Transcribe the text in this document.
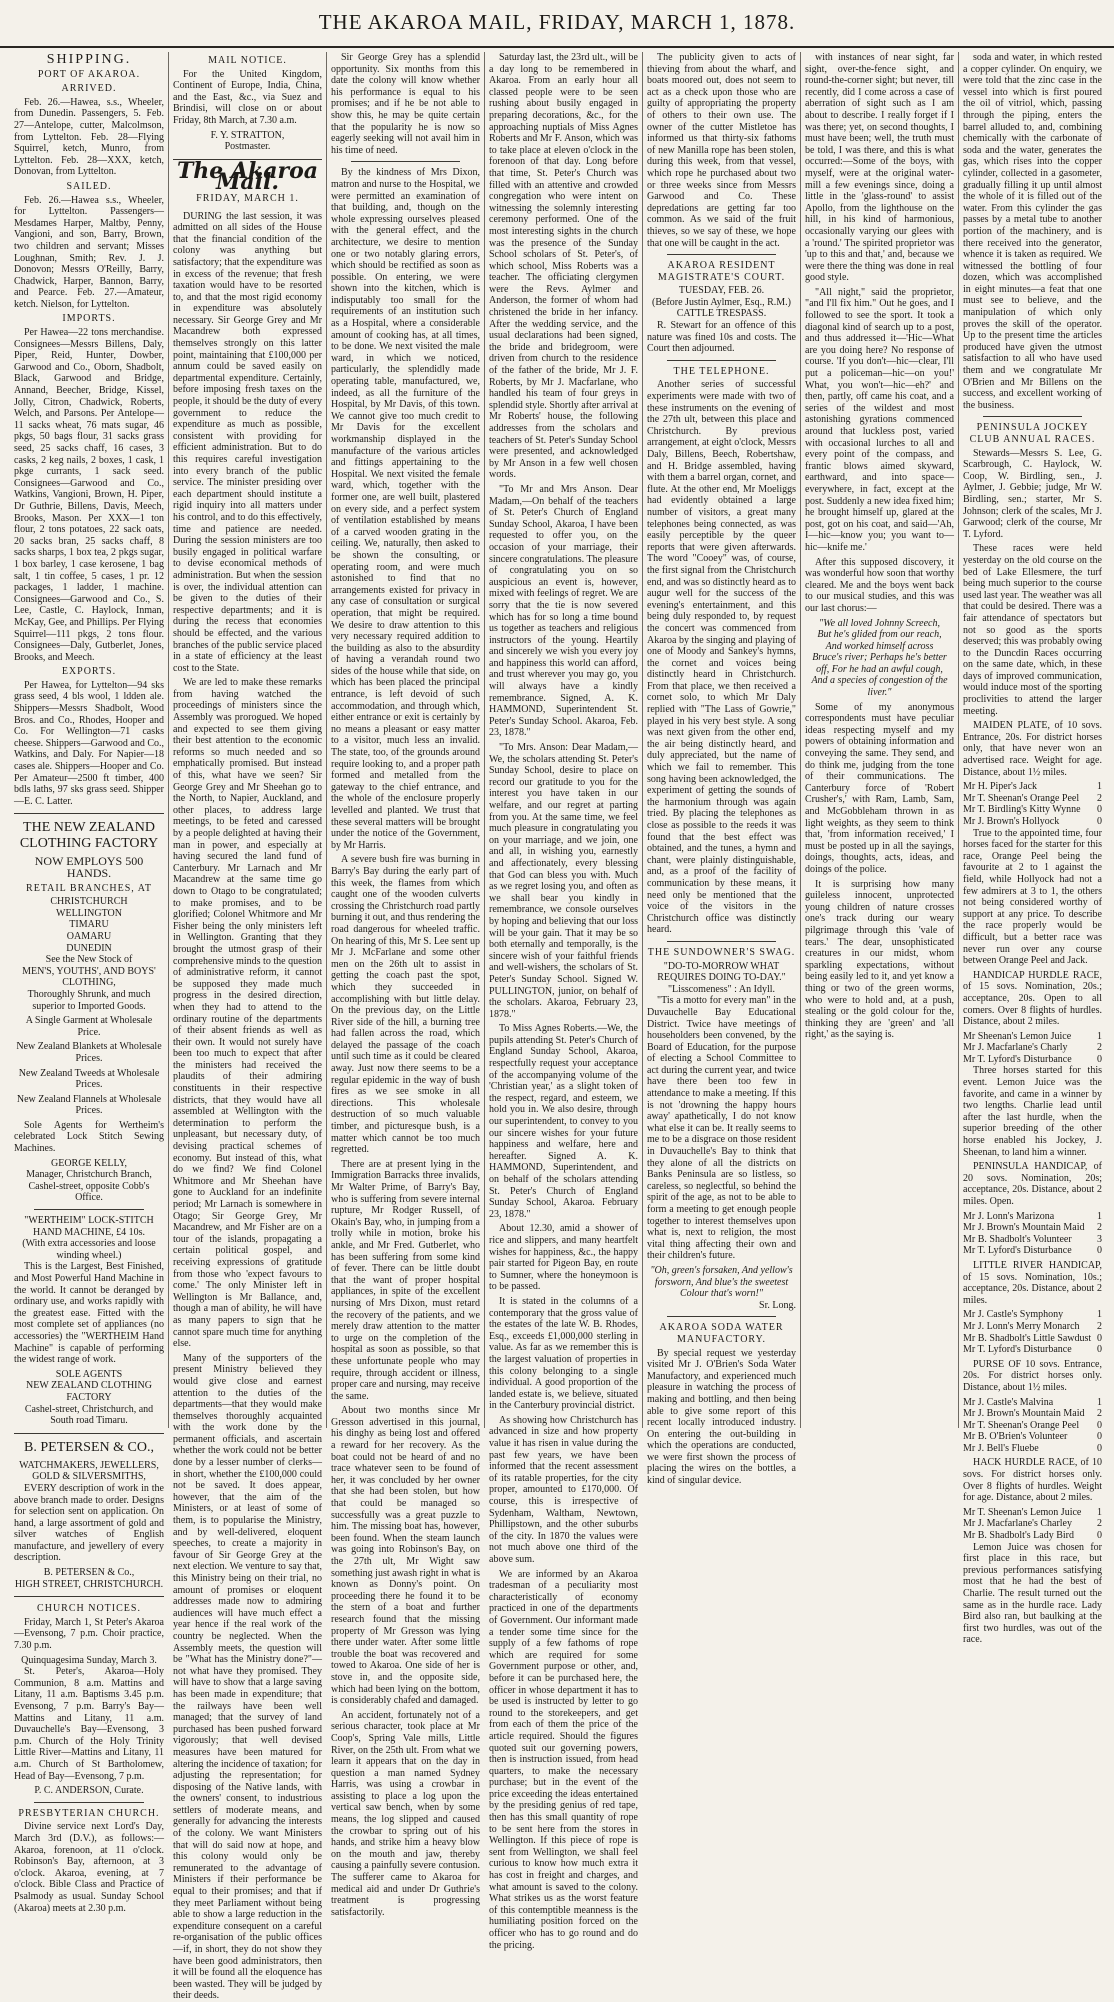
THE AKAROA MAIL, FRIDAY, MARCH 1, 1878.
SHIPPING.
PORT OF AKAROA.
ARRIVED.
Feb. 26.—Hawea, s.s., Wheeler, from Dunedin. Passengers, 5. Feb. 27—Antelope, cutter, Malcolmson, from Lyttelton. Feb. 28—Flying Squirrel, ketch, Munro, from Lyttelton. Feb. 28—XXX, ketch, Donovan, from Lyttelton.
SAILED.
Feb. 26.—Hawea s.s., Wheeler, for Lyttelton. Passengers—Mesdames Harper, Maltby, Penny, Vangioni, and son, Barry, Brown, two children and servant; Misses Loughnan, Smith; Rev. J. J. Donovon; Messrs O'Reilly, Barry, Chadwick, Harper, Bannon, Barry, and Pearce. Feb. 27.—Amateur, ketch. Nielson, for Lyttelton.
IMPORTS.
Per Hawea—22 tons merchandise. Consignees—Messrs Billens, Daly, Piper, Reid, Hunter, Dowber, Garwood and Co., Oborn, Shadbolt, Black, Garwood and Bridge, Annand, Beecher, Bridge, Kissel, Jolly, Citron, Chadwick, Roberts, Welch, and Parsons. Per Antelope—11 sacks wheat, 76 mats sugar, 46 pkgs, 50 bags flour, 31 sacks grass seed, 25 sacks chaff, 16 cases, 3 casks, 2 keg nails, 2 boxes, 1 cask, 1 pkge currants, 1 sack seed. Consignees—Garwood and Co., Watkins, Vangioni, Brown, H. Piper, Dr Guthrie, Billens, Davis, Meech, Brooks, Mason. Per XXX—1 ton flour, 2 tons potatoes, 22 sack oats, 20 sacks bran, 25 sacks chaff, 8 sacks sharps, 1 box tea, 2 pkgs sugar, 1 box barley, 1 case kerosene, 1 bag salt, 1 tin coffee, 5 cases, 1 pr. 12 packages, 1 ladder, 1 machine. Consignees—Garwood and Co., S. Lee, Castle, C. Haylock, Inman, McKay, Gee, and Phillips. Per Flying Squirrel—111 pkgs, 2 tons flour. Consignees—Daly, Gutberlet, Jones, Brooks, and Meech.
EXPORTS.
Per Hawea, for Lyttelton—94 sks grass seed, 4 bls wool, 1 ldden ale. Shippers—Messrs Shadbolt, Wood Bros. and Co., Rhodes, Hooper and Co. For Wellington—71 casks cheese. Shippers—Garwood and Co., Watkins, and Daly. For Napier—18 cases ale. Shippers—Hooper and Co. Per Amateur—2500 ft timber, 400 bdls laths, 97 sks grass seed. Shipper—E. C. Latter.
THE NEW ZEALAND CLOTHING FACTORY
NOW EMPLOYS 500 HANDS.
RETAIL BRANCHES, AT
CHRISTCHURCH
WELLINGTON
TIMARU
OAMARU
DUNEDIN
See the New Stock of
MEN'S, YOUTHS', AND BOYS' CLOTHING,
Thoroughly Shrunk, and much superior to Imported Goods.
A Single Garment at Wholesale Price.
New Zealand Blankets at Wholesale Prices.
New Zealand Tweeds at Wholesale Prices.
New Zealand Flannels at Wholesale Prices.
Sole Agents for Wertheim's celebrated Lock Stitch Sewing Machines.
GEORGE KELLY,
Manager, Christchurch Branch, Cashel-street, opposite Cobb's Office.
"WERTHEIM" LOCK-STITCH HAND MACHINE, £4 10s.
(With extra accessories and loose winding wheel.)
This is the Largest, Best Finished, and Most Powerful Hand Machine in the world. It cannot be deranged by ordinary use, and works rapidly with the greatest ease. Fitted with the most complete set of appliances (no accessories) the "WERTHEIM Hand Machine" is capable of performing the widest range of work.
SOLE AGENTS
NEW ZEALAND CLOTHING FACTORY
Cashel-street, Christchurch, and South road Timaru.
B. PETERSEN & CO.,
WATCHMAKERS, JEWELLERS, GOLD & SILVERSMITHS,
EVERY description of work in the above branch made to order. Designs for selection sent on application. On hand, a large assortment of gold and silver watches of English manufacture, and jewellery of every description.
B. PETERSEN & Co.,
HIGH STREET, CHRISTCHURCH.
CHURCH NOTICES.
Friday, March 1, St Peter's Akaroa—Evensong, 7 p.m. Choir practice, 7.30 p.m.
Quinquagesima Sunday, March 3.
St. Peter's, Akaroa—Holy Communion, 8 a.m. Mattins and Litany, 11 a.m. Baptisms 3.45 p.m. Evensong, 7 p.m. Barry's Bay—Mattins and Litany, 11 a.m. Duvauchelle's Bay—Evensong, 3 p.m. Church of the Holy Trinity Little River—Mattins and Litany, 11 a.m. Church of St Bartholomew, Head of Bay—Evensong, 7 p.m.
P. C. ANDERSON, Curate.
PRESBYTERIAN CHURCH.
Divine service next Lord's Day, March 3rd (D.V.), as follows:— Akaroa, forenoon, at 11 o'clock. Robinson's Bay, afternoon, at 3 o'clock. Akaroa, evening, at 7 o'clock. Bible Class and Practice of Psalmody as usual. Sunday School (Akaroa) meets at 2.30 p.m.
MAIL NOTICE.
For the United Kingdom, Continent of Europe, India, China, and the East, &c., via Suez and Brindisi, will close on or about Friday, 8th March, at 7.30 a.m.
F. Y. STRATTON,
Postmaster.
The Akaroa Mail.
FRIDAY, MARCH 1.
DURING the last session, it was admitted on all sides of the House that the financial condition of the colony was anything but satisfactory; that the expenditure was in excess of the revenue; that fresh taxation would have to be resorted to, and that the most rigid economy in expenditure was absolutely necessary. Sir George Grey and Mr Macandrew both expressed themselves strongly on this latter point, maintaining that £100,000 per annum could be saved easily on departmental expenditure. Certainly, before imposing fresh taxes on the people, it should be the duty of every government to reduce the expenditure as much as possible, consistent with providing for efficient administration. But to do this requires careful investigation into every branch of the public service. The minister presiding over each department should institute a rigid inquiry into all matters under his control, and to do this effectively, time and patience are needed. During the session ministers are too busily engaged in political warfare to devise economical methods of administration. But when the session is over, the individual attention can be given to the duties of their respective departments; and it is during the recess that economies should be effected, and the various branches of the public service placed in a state of efficiency at the least cost to the State.
We are led to make these remarks from having watched the proceedings of ministers since the Assembly was prorogued. We hoped and expected to see them giving their best attention to the economic reforms so much needed and so emphatically promised. But instead of this, what have we seen? Sir George Grey and Mr Sheehan go to the North, to Napier, Auckland, and other places, to address large meetings, to be feted and caressed by a people delighted at having their man in power, and especially at having secured the land fund of Canterbury. Mr Larnach and Mr Macandrew at the same time go down to Otago to be congratulated; to make promises, and to be glorified; Colonel Whitmore and Mr Fisher being the only ministers left in Wellington. Granting that they brought the utmost grasp of their comprehensive minds to the question of administrative reform, it cannot be supposed they made much progress in the desired direction, when they had to attend to the ordinary routine of the departments of their absent friends as well as their own. It would not surely have been too much to expect that after the ministers had received the plaudits of their admiring constituents in their respective districts, that they would have all assembled at Wellington with the determination to perform the unpleasant, but necessary duty, of devising practical schemes of economy. But instead of this, what do we find? We find Colonel Whitmore and Mr Sheehan have gone to Auckland for an indefinite period; Mr Larnach is somewhere in Otago; Sir George Grey, Mr Macandrew, and Mr Fisher are on a tour of the islands, propagating a certain political gospel, and receiving expressions of gratitude from those who 'expect favours to come.' The only Minister left in Wellington is Mr Ballance, and, though a man of ability, he will have as many papers to sign that he cannot spare much time for anything else.
Many of the supporters of the present Ministry believed they would give close and earnest attention to the duties of the departments—that they would make themselves thoroughly acquainted with the work done by the permanent officials, and ascertain whether the work could not be better done by a lesser number of clerks—in short, whether the £100,000 could not be saved. It does appear, however, that the aim of the Ministers, or at least of some of them, is to popularise the Ministry, and by well-delivered, eloquent speeches, to create a majority in favour of Sir George Grey at the next election. We venture to say that, this Ministry being on their trial, no amount of promises or eloquent addresses made now to admiring audiences will have much effect a year hence if the real work of the country be neglected. When the Assembly meets, the question will be "What has the Ministry done?"—not what have they promised. They will have to show that a large saving has been made in expenditure; that the railways have been well managed; that the survey of land purchased has been pushed forward vigorously; that well devised measures have been matured for altering the incidence of taxation; for adjusting the representation; for disposing of the Native lands, with the owners' consent, to industrious settlers of moderate means, and generally for advancing the interests of the colony. We want Ministers that will do said now at hope, and this colony would only be remunerated to the advantage of Ministers if their performance be equal to their promises; and that if they meet Parliament without being able to show a large reduction in the expenditure consequent on a careful re-organisation of the public offices—if, in short, they do not show they have been good administrators, then it will be found all the eloquence has been wasted. They will be judged by their deeds.
Sir George Grey has a splendid opportunity. Six months from this date the colony will know whether his performance is equal to his promises; and if he be not able to show this, he may be quite certain that the popularity he is now so eagerly seeking will not avail him in his time of need.
By the kindness of Mrs Dixon, matron and nurse to the Hospital, we were permitted an examination of that building, and, though on the whole expressing ourselves pleased with the general effect, and the architecture, we desire to mention one or two notably glaring errors, which should be rectified as soon as possible. On entering, we were shown into the kitchen, which is indisputably too small for the requirements of an institution such as a Hospital, where a considerable amount of cooking has, at all times, to be done. We next visited the male ward, in which we noticed, particularly, the splendidly made operating table, manufactured, we, indeed, as all the furniture of the Hospital, by Mr Davis, of this town. We cannot give too much credit to Mr Davis for the excellent workmanship displayed in the manufacture of the various articles and fittings appertaining to the Hospital. We next visited the female ward, which, together with the former one, are well built, plastered on every side, and a perfect system of ventilation established by means of a carved wooden grating in the ceiling. We, naturally, then asked to be shown the consulting, or operating room, and were much astonished to find that no arrangements existed for privacy in any case of consultation or surgical operation, that might be required. We desire to draw attention to this very necessary required addition to the building as also to the absurdity of having a verandah round two sides of the house while that side, on which has been placed the principal entrance, is left devoid of such accommodation, and through which, either entrance or exit is certainly by no means a pleasant or easy matter to a visitor, much less an invalid. The state, too, of the grounds around require looking to, and a proper path formed and metalled from the gateway to the chief entrance, and the whole of the enclosure properly levelled and planted. We trust that these several matters will be brought under the notice of the Government, by Mr Harris.
A severe bush fire was burning in Barry's Bay during the early part of this week, the flames from which caught one of the wooden culverts crossing the Christchurch road partly burning it out, and thus rendering the road dangerous for wheeled traffic. On hearing of this, Mr S. Lee sent up Mr J. McFarlane and some other men on the 26th ult to assist in getting the coach past the spot, which they succeeded in accomplishing with but little delay. On the previous day, on the Little River side of the hill, a burning tree had fallen across the road, which delayed the passage of the coach until such time as it could be cleared away. Just now there seems to be a regular epidemic in the way of bush fires as we see smoke in all directions. This wholesale destruction of so much valuable timber, and picturesque bush, is a matter which cannot be too much regretted.
There are at present lying in the Immigration Barracks three invalids, Mr Walter Prime, of Barry's Bay, who is suffering from severe internal rupture, Mr Rodger Russell, of Okain's Bay, who, in jumping from a trolly while in motion, broke his ankle, and Mr Fred. Gutberlet, who has been suffering from some kind of fever. There can be little doubt that the want of proper hospital appliances, in spite of the excellent nursing of Mrs Dixon, must retard the recovery of the patients, and we merely draw attention to the matter to urge on the completion of the hospital as soon as possible, so that these unfortunate people who may require, through accident or illness, proper care and nursing, may receive the same.
About two months since Mr Gresson advertised in this journal, his dinghy as being lost and offered a reward for her recovery. As the boat could not be heard of and no trace whatever seen to be found of her, it was concluded by her owner that she had been stolen, but how that could be managed so successfully was a great puzzle to him. The missing boat has, however, been found. When the steam launch was going into Robinson's Bay, on the 27th ult, Mr Wight saw something just awash right in what is known as Donny's point. On proceeding there he found it to be the stern of a boat and further research found that the missing property of Mr Gresson was lying there under water. After some little trouble the boat was recovered and towed to Akaroa. One side of her is stove in, and the opposite side, which had been lying on the bottom, is considerably chafed and damaged.
An accident, fortunately not of a serious character, took place at Mr Coop's, Spring Vale mills, Little River, on the 25th ult. From what we learn it appears that on the day in question a man named Sydney Harris, was using a crowbar in assisting to place a log upon the vertical saw bench, when by some means, the log slipped and caused the crowbar to spring out of his hands, and strike him a heavy blow on the mouth and jaw, thereby causing a painfully severe contusion. The sufferer came to Akaroa for medical aid and under Dr Guthrie's treatment is progressing satisfactorily.
Saturday last, the 23rd ult., will be a day long to be remembered in Akaroa. From an early hour all classed people were to be seen rushing about busily engaged in preparing decorations, &c., for the approaching nuptials of Miss Agnes Roberts and Mr F. Anson, which was to take place at eleven o'clock in the forenoon of that day. Long before that time, St. Peter's Church was filled with an attentive and crowded congregation who were intent on witnessing the solemnly interesting ceremony performed. One of the most interesting sights in the church was the presence of the Sunday School scholars of St. Peter's, of which school, Miss Roberts was a teacher. The officiating clergymen were the Revs. Aylmer and Anderson, the former of whom had christened the bride in her infancy. After the wedding service, and the usual declarations had been signed, the bride and bridegroom, were driven from church to the residence of the father of the bride, Mr J. F. Roberts, by Mr J. Macfarlane, who handled his team of four greys in splendid style. Shortly after arrival at Mr Roberts' house, the following addresses from the scholars and teachers of St. Peter's Sunday School were presented, and acknowledged by Mr Anson in a few well chosen words.
"To Mr and Mrs Anson. Dear Madam,—On behalf of the teachers of St. Peter's Church of England Sunday School, Akaroa, I have been requested to offer you, on the occasion of your marriage, their sincere congratulations. The pleasure of congratulating you on so auspicious an event is, however, mixed with feelings of regret. We are sorry that the tie is now severed which has for so long a time bound us together as teachers and religious instructors of the young. Heartily and sincerely we wish you every joy and happiness this world can afford, and trust wherever you may go, you will always have a kindly remembrance. Signed, A. K. HAMMOND, Superintendent St. Peter's Sunday School. Akaroa, Feb. 23, 1878."
"To Mrs. Anson: Dear Madam,—We, the scholars attending St. Peter's Sunday School, desire to place on record our gratitude to you for the interest you have taken in our welfare, and our regret at parting from you. At the same time, we feel much pleasure in congratulating you on your marriage, and we join, one and all, in wishing you, earnestly and affectionately, every blessing that God can bless you with. Much as we regret losing you, and often as we shall bear you kindly in remembrance, we console ourselves by hoping and believing that our loss will be your gain. That it may be so both eternally and temporally, is the sincere wish of your faithful friends and well-wishers, the scholars of St. Peter's Sunday School. Signed W. PULLINGTON, junior, on behalf of the scholars. Akaroa, February 23, 1878."
To Miss Agnes Roberts.—We, the pupils attending St. Peter's Church of England Sunday School, Akaroa, respectfully request your acceptance of the accompanying volume of the 'Christian year,' as a slight token of the respect, regard, and esteem, we hold you in. We also desire, through our superintendent, to convey to you our sincere wishes for your future happiness and welfare, here and hereafter. Signed A. K. HAMMOND, Superintendent, and on behalf of the scholars attending St. Peter's Church of England Sunday School, Akaroa. February 23, 1878."
About 12.30, amid a shower of rice and slippers, and many heartfelt wishes for happiness, &c., the happy pair started for Pigeon Bay, en route to Sumner, where the honeymoon is to be passed.
It is stated in the columns of a contemporary that the gross value of the estates of the late W. B. Rhodes, Esq., exceeds £1,000,000 sterling in value. As far as we remember this is the largest valuation of properties in this colony belonging to a single individual. A good proportion of the landed estate is, we believe, situated in the Canterbury provincial district.
As showing how Christchurch has advanced in size and how property value it has risen in value during the past few years, we have been informed that the recent assessment of its ratable properties, for the city proper, amounted to £170,000. Of course, this is irrespective of Sydenham, Waltham, Newtown, Phillipstown, and the other suburbs of the city. In 1870 the values were not much above one third of the above sum.
We are informed by an Akaroa tradesman of a peculiarity most characteristically of economy practiced in one of the departments of Government. Our informant made a tender some time since for the supply of a few fathoms of rope which are required for some Government purpose or other, and, before it can be purchased here, the officer in whose department it has to be used is instructed by letter to go round to the storekeepers, and get from each of them the price of the article required. Should the figures quoted suit our governing powers, then is instruction issued, from head quarters, to make the necessary purchase; but in the event of the price exceeding the ideas entertained by the presiding genius of red tape, then has this small quantity of rope to be sent here from the stores in Wellington. If this piece of rope is sent from Wellington, we shall feel curious to know how much extra it has cost in freight and charges, and what amount is saved to the colony. What strikes us as the worst feature of this contemptible meanness is the humiliating position forced on the officer who has to go round and do the pricing.
The publicity given to acts of thieving from about the wharf, and boats moored out, does not seem to act as a check upon those who are guilty of appropriating the property of others to their own use. The owner of the cutter Mistletoe has informed us that thirty-six fathoms of new Manilla rope has been stolen, during this week, from that vessel, which rope he purchased about two or three weeks since from Messrs Garwood and Co. These depredations are getting far too common. As we said of the fruit thieves, so we say of these, we hope that one will be caught in the act.
AKAROA RESIDENT MAGISTRATE'S COURT.
TUESDAY, FEB. 26.
(Before Justin Aylmer, Esq., R.M.)
CATTLE TRESPASS.
R. Stewart for an offence of this nature was fined 10s and costs. The Court then adjourned.
THE TELEPHONE.
Another series of successful experiments were made with two of these instruments on the evening of the 27th ult, between this place and Christchurch. By previous arrangement, at eight o'clock, Messrs Daly, Billens, Beech, Robertshaw, and H. Bridge assembled, having with them a barrel organ, cornet, and flute. At the other end, Mr Moeliggs had evidently obtained a large number of visitors, a great many telephones being connected, as was easily perceptible by the queer reports that were given afterwards. The word "Cooey" was, of course, the first signal from the Christchurch end, and was so distinctly heard as to augur well for the success of the evening's entertainment, and this being duly responded to, by request the concert was commenced from Akaroa by the singing and playing of one of Moody and Sankey's hymns, the cornet and voices being distinctly heard in Christchurch. From that place, we then received a cornet solo, to which Mr Daly replied with "The Lass of Gowrie," played in his very best style. A song was next given from the other end, the air being distinctly heard, and duly appreciated, but the name of which we fail to remember. This song having been acknowledged, the experiment of getting the sounds of the harmonium through was again tried. By placing the telephones as close as possible to the reeds it was found that the best effect was obtained, and the tunes, a hymn and chant, were plainly distinguishable, and, as a proof of the facility of communication by these means, it need only be mentioned that the voice of the visitors in the Christchurch office was distinctly heard.
THE SUNDOWNER'S SWAG.
"DO-TO-MORROW WHAT REQUIRES DOING TO-DAY."
"Lisscomeness" : An Idyll.
"Tis a motto for every man" in the Duvauchelle Bay Educational District. Twice have meetings of householders been convened, by the Board of Education, for the purpose of electing a School Committee to act during the current year, and twice have there been too few in attendance to make a meeting. If this is not 'drowning the happy hours away' apathetically, I do not know what else it can be. It really seems to me to be a disgrace on those resident in Duvauchelle's Bay to think that they alone of all the districts on Banks Peninsula are so listless, so careless, so neglectful, so behind the spirit of the age, as not to be able to form a meeting to get enough people together to interest themselves upon what is, next to religion, the most vital thing affecting their own and their children's future.
"Oh, green's forsaken, And yellow's forsworn, And blue's the sweetest Colour that's worn!"
Sr. Long.
AKAROA SODA WATER MANUFACTORY.
By special request we yesterday visited Mr J. O'Brien's Soda Water Manufactory, and experienced much pleasure in watching the process of making and bottling, and then being able to give some report of this recent locally introduced industry. On entering the out-building in which the operations are conducted, we were first shown the process of placing the wires on the bottles, a kind of singular device.
with instances of near sight, far sight, over-the-fence sight, and round-the-corner sight; but never, till recently, did I come across a case of aberration of sight such as I am about to describe. I really forget if I was there; yet, on second thoughts, I must have been; well, the truth must be told, I was there, and this is what occurred:—Some of the boys, with myself, were at the original water-mill a few evenings since, doing a little in the 'glass-round' to assist Apollo, from the lighthouse on the hill, in his kind of harmonious, occasionally varying our glees with a 'round.' The spirited proprietor was 'up to this and that,' and, because we were there the thing was done in real good style.
"All night," said the proprietor, "and I'll fix him." Out he goes, and I followed to see the sport. It took a diagonal kind of search up to a post, and thus addressed it—'Hic—What are you doing here? No response of course. 'If you don't—hic—clear, I'll put a policeman—hic—on you!' What, you won't—hic—eh?' and then, partly, off came his coat, and a series of the wildest and most astonishing gyrations commenced around that luckless post, varied with occasional lurches to all and every point of the compass, and frantic blows aimed skyward, earthward, and into space—everywhere, in fact, except at the post. Suddenly a new idea fixed him; he brought himself up, glared at the post, got on his coat, and said—'Ah, I—hic—know you; you want to—hic—knife me.'
After this supposed discovery, it was wonderful how soon that worthy cleared. Me and the boys went back to our musical studies, and this was our last chorus:—
"We all loved Johnny Screech, But he's glided from our reach, And worked himself across Bruce's river; Perhaps he's better off, For he had an awful cough, And a species of congestion of the liver."
Some of my anonymous correspondents must have peculiar ideas respecting myself and my powers of obtaining information and conveying the same. They send, and do think me, judging from the tone of their communications. The Canterbury force of 'Robert Crusher's,' with Ram, Lamb, Sam, and McGobbleham thrown in as light weights, as they seem to think that, 'from information received,' I must be posted up in all the sayings, doings, thoughts, acts, ideas, and doings of the police.
It is surprising how many guileless innocent, unprotected young children of nature crosses one's track during our weary pilgrimage through this 'vale of tears.' The dear, unsophisticated creatures in our midst, whom sparkling expectations, without being easily led to it, and yet know a thing or two of the green worms, who were to hold and, at a push, stealing or the gold colour for the, thinking they are 'green' and 'all right,' as the saying is.
soda and water, in which rested a copper cylinder. On enquiry, we were told that the zinc case in the vessel into which is first poured the oil of vitriol, which, passing through the piping, enters the barrel alluded to, and, combining chemically with the carbonate of soda and the water, generates the gas, which rises into the copper cylinder, collected in a gasometer, gradually filling it up until almost the whole of it is filled out of the water. From this cylinder the gas passes by a metal tube to another portion of the machinery, and is there received into the generator, whence it is taken as required. We witnessed the bottling of four dozen, which was accomplished in eight minutes—a feat that one must see to believe, and the manipulation of which only proves the skill of the operator. Up to the present time the articles produced have given the utmost satisfaction to all who have used them and we congratulate Mr O'Brien and Mr Billens on the success, and excellent working of the business.
PENINSULA JOCKEY CLUB ANNUAL RACES.
Stewards—Messrs S. Lee, G. Scarbrough, C. Haylock, W. Coop, W. Birdling, sen., J. Aylmer, J. Gebbie; judge, Mr W. Birdling, sen.; starter, Mr S. Johnson; clerk of the scales, Mr J. Garwood; clerk of the course, Mr T. Lyford.
These races were held yesterday on the old course on the bed of Lake Ellesmere, the turf being much superior to the course used last year. The weather was all that could be desired. There was a fair attendance of spectators but not so good as the sports deserved; this was probably owing to the Duncdin Races occurring on the same date, which, in these days of improved communication, would induce most of the sporting proclivities to attend the larger meeting.
MAIDEN PLATE, of 10 sovs. Entrance, 20s. For district horses only, that have never won an advertised race. Weight for age. Distance, about 1½ miles.
Mr H. Piper's Jack	1
Mr T. Sheenan's Orange Peel 2
Mr T. Birdling's Kitty Wynne 0
Mr J. Brown's Hollyock	0
True to the appointed time, four horses faced for the starter for this race, Orange Peel being the favourite at 2 to 1 against the field, while Hollyock had not a few admirers at 3 to 1, the others not being considered worthy of support at any price. To describe the race properly would be difficult, but a better race was never run over any course between Orange Peel and Jack.
HANDICAP HURDLE RACE, of 15 sovs. Nomination, 20s.; acceptance, 20s. Open to all comers. Over 8 flights of hurdles. Distance, about 2 miles.
Mr Sheenan's Lemon Juice	1
Mr J. Macfarlane's Charly	2
Mr T. Lyford's Disturbance	0
Three horses started for this event. Lemon Juice was the favorite, and came in a winner by two lengths. Charlie lead until after the last hurdle, when the superior breeding of the other horse enabled his Jockey, J. Sheenan, to land him a winner.
PENINSULA HANDICAP, of 20 sovs. Nomination, 20s; acceptance, 20s. Distance, about 2 miles. Open.
Mr J. Lonn's Marizona	1
Mr J. Brown's Mountain Maid 2
Mr B. Shadbolt's Volunteer	3
Mr T. Lyford's Disturbance	0
LITTLE RIVER HANDICAP, of 15 sovs. Nomination, 10s.; acceptance, 20s. Distance, about 2 miles.
Mr J. Castle's Symphony	1
Mr J. Lonn's Merry Monarch 2
Mr B. Shadbolt's Little Sawdust 0
Mr T. Lyford's Disturbance	0
PURSE OF 10 sovs. Entrance, 20s. For district horses only. Distance, about 1½ miles.
Mr J. Castle's Malvina	1
Mr J. Brown's Mountain Maid 2
Mr T. Sheenan's Orange Peel 0
Mr B. O'Brien's Volunteer	0
Mr J. Bell's Fluebe	0
HACK HURDLE RACE, of 10 sovs. For district horses only. Over 8 flights of hurdles. Weight for age. Distance, about 2 miles.
Mr T. Sheenan's Lemon Juice 1
Mr J. Macfarlane's Charley	2
Mr B. Shadbolt's Lady Bird 0
Lemon Juice was chosen for first place in this race, but previous performances satisfying most that he had the best of Charlie. The result turned out the same as in the hurdle race. Lady Bird also ran, but baulking at the first two hurdles, was out of the race.
